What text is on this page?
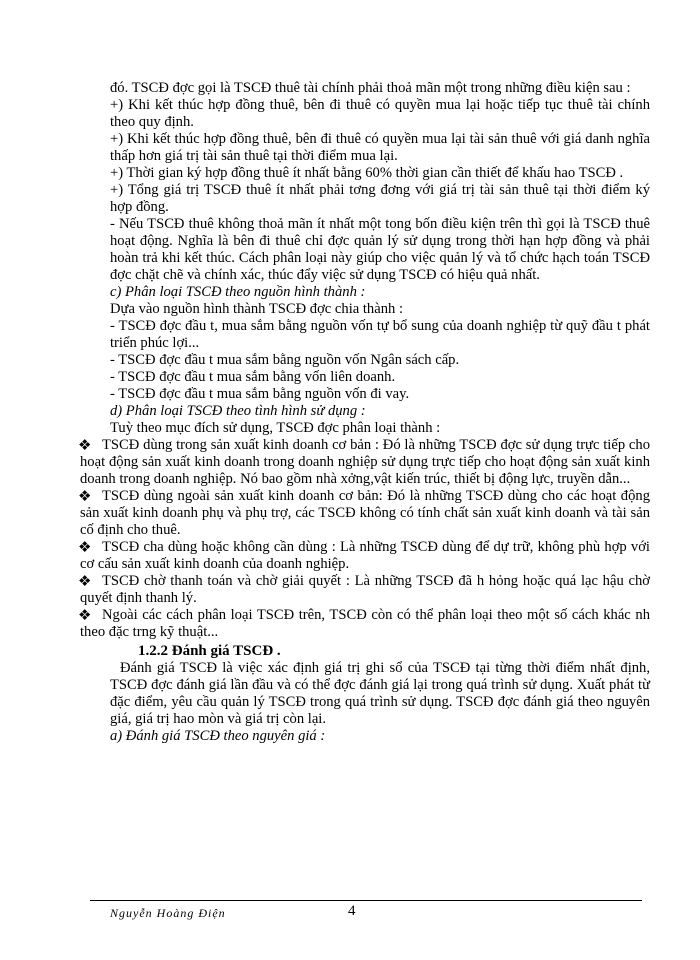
đó. TSCĐ đợc gọi là TSCĐ thuê tài chính phải thoả mãn một trong những điều kiện sau :

+) Khi kết thúc hợp đồng thuê, bên đi thuê có quyền mua lại hoặc tiếp tục thuê tài chính theo quy định.

+) Khi kết thúc hợp đồng thuê, bên đi thuê có quyền mua lại tài sản thuê với giá danh nghĩa thấp hơn giá trị tài sản thuê tại thời điểm mua lại.

+) Thời gian ký hợp đồng thuê ít nhất bằng 60% thời gian cần thiết để khấu hao TSCĐ .

+) Tổng giá trị TSCĐ thuê ít nhất phải tơng đơng với giá trị tài sản thuê tại thời điểm ký hợp đồng.

- Nếu TSCĐ thuê không thoả mãn ít nhất một tong bốn điều kiện trên thì gọi là TSCĐ thuê hoạt động. Nghĩa là bên đi thuê chỉ đợc quản lý sử dụng trong thời hạn hợp đồng và phải hoàn trả khi kết thúc. Cách phân loại này giúp cho việc quản lý và tổ chức hạch toán TSCĐ đợc chặt chẽ và chính xác, thúc đẩy việc sử dụng TSCĐ có hiệu quả nhất.

c) Phân loại TSCĐ theo nguồn hình thành :

Dựa vào nguồn hình thành TSCĐ đợc chia thành :

- TSCĐ đợc đầu t, mua sắm bằng nguồn vốn tự bổ sung của doanh nghiệp từ quỹ đầu t phát triển phúc lợi...

- TSCĐ đợc đầu t mua sắm bằng nguồn vốn Ngân sách cấp.

- TSCĐ đợc đầu t mua sắm bằng vốn liên doanh.

- TSCĐ đợc đầu t mua sắm bằng nguồn vốn đi vay.

d) Phân loại TSCĐ theo tình hình sử dụng :

Tuỳ theo mục đích sử dụng, TSCĐ đợc phân loại thành :

❖ TSCĐ dùng trong sản xuất kinh doanh cơ bản : Đó là những TSCĐ đợc sử dụng trực tiếp cho hoạt động sản xuất kinh doanh trong doanh nghiệp sử dụng trực tiếp cho hoạt động sản xuất kinh doanh trong doanh nghiệp. Nó bao gồm nhà xởng,vật kiến trúc, thiết bị động lực, truyền dẫn...

❖ TSCĐ dùng ngoài sản xuất kinh doanh cơ bản: Đó là những TSCĐ dùng cho các hoạt động sản xuất kinh doanh phụ và phụ trợ, các TSCĐ không có tính chất sản xuất kinh doanh và tài sản cố định cho thuê.

❖ TSCĐ cha dùng hoặc không cần dùng : Là những TSCĐ dùng để dự trữ, không phù hợp với cơ cấu sản xuất kinh doanh của doanh nghiệp.

❖ TSCĐ chờ thanh toán và chờ giải quyết : Là những TSCĐ đã h hỏng hoặc quá lạc hậu chờ quyết định thanh lý.

❖ Ngoài các cách phân loại TSCĐ trên, TSCĐ còn có thể phân loại theo một số cách khác nh theo đặc trng kỹ thuật...

1.2.2 Đánh giá TSCĐ .

Đánh giá TSCĐ là việc xác định giá trị ghi sổ của TSCĐ tại từng thời điểm nhất định, TSCĐ đợc đánh giá lần đầu và có thể đợc đánh giá lại trong quá trình sử dụng. Xuất phát từ đặc điểm, yêu cầu quản lý TSCĐ trong quá trình sử dụng. TSCĐ đợc đánh giá theo nguyên giá, giá trị hao mòn và giá trị còn lại.

a) Đánh giá TSCĐ theo nguyên giá :

Nguyễn Hoàng Điện	4
